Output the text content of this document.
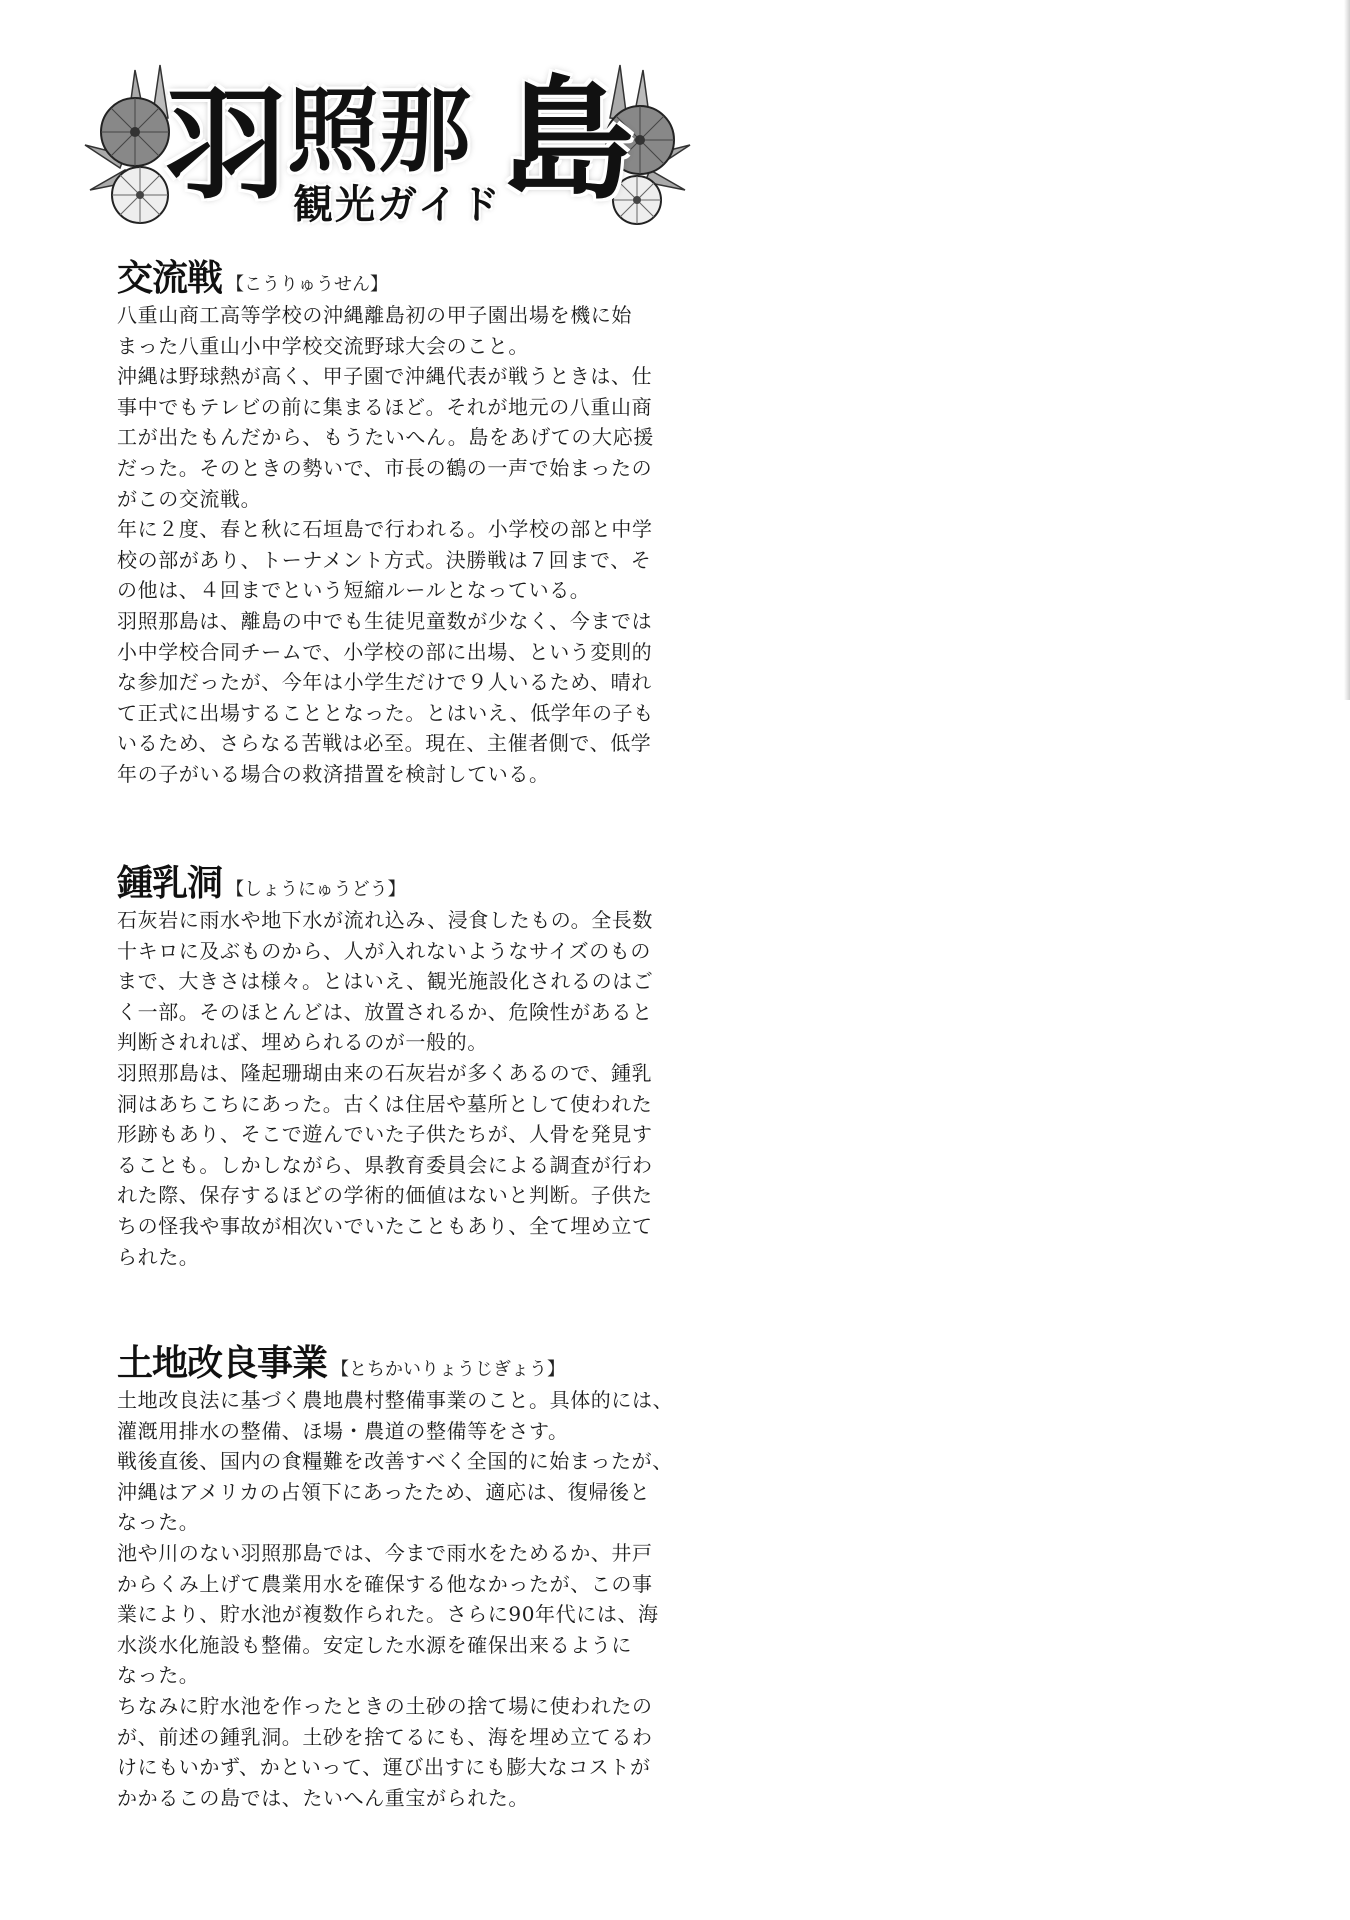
羽 照 那
観光ガイド 島
交流戦 【こうりゅうせん】

八重山商工高等学校の沖縄離島初の甲子園出場を機に始

まった八重山小中学校交流野球大会のこと。

沖縄は野球熱が高く、甲子園で沖縄代表が戦うときは、仕

事中でもテレビの前に集まるほど。それが地元の八重山商

工が出たもんだから、もうたいへん。島をあげての大応援

だった。そのときの勢いで、市長の鶴の一声で始まったの

がこの交流戦。

年に２度、春と秋に石垣島で行われる。小学校の部と中学

校の部があり、トーナメント方式。決勝戦は７回まで、そ

の他は、４回までという短縮ルールとなっている。

羽照那島は、離島の中でも生徒児童数が少なく、今までは

小中学校合同チームで、小学校の部に出場、という変則的

な参加だったが、今年は小学生だけで９人いるため、晴れ

て正式に出場することとなった。とはいえ、低学年の子も

いるため、さらなる苦戦は必至。現在、主催者側で、低学

年の子がいる場合の救済措置を検討している。

鍾乳洞 【しょうにゅうどう】

石灰岩に雨水や地下水が流れ込み、浸食したもの。全長数

十キロに及ぶものから、人が入れないようなサイズのもの

まで、大きさは様々。とはいえ、観光施設化されるのはご

く一部。そのほとんどは、放置されるか、危険性があると

判断されれば、埋められるのが一般的。

羽照那島は、隆起珊瑚由来の石灰岩が多くあるので、鍾乳

洞はあちこちにあった。古くは住居や墓所として使われた

形跡もあり、そこで遊んでいた子供たちが、人骨を発見す

ることも。しかしながら、県教育委員会による調査が行わ

れた際、保存するほどの学術的価値はないと判断。子供た

ちの怪我や事故が相次いでいたこともあり、全て埋め立て

られた。

土地改良事業 【とちかいりょうじぎょう】

土地改良法に基づく農地農村整備事業のこと。具体的には、

灌漑用排水の整備、ほ場・農道の整備等をさす。

戦後直後、国内の食糧難を改善すべく全国的に始まったが、

沖縄はアメリカの占領下にあったため、適応は、復帰後と

なった。

池や川のない羽照那島では、今まで雨水をためるか、井戸

からくみ上げて農業用水を確保する他なかったが、この事

業により、貯水池が複数作られた。さらに90年代には、海

水淡水化施設も整備。安定した水源を確保出来るように

なった。

ちなみに貯水池を作ったときの土砂の捨て場に使われたの

が、前述の鍾乳洞。土砂を捨てるにも、海を埋め立てるわ

けにもいかず、かといって、運び出すにも膨大なコストが

かかるこの島では、たいへん重宝がられた。
